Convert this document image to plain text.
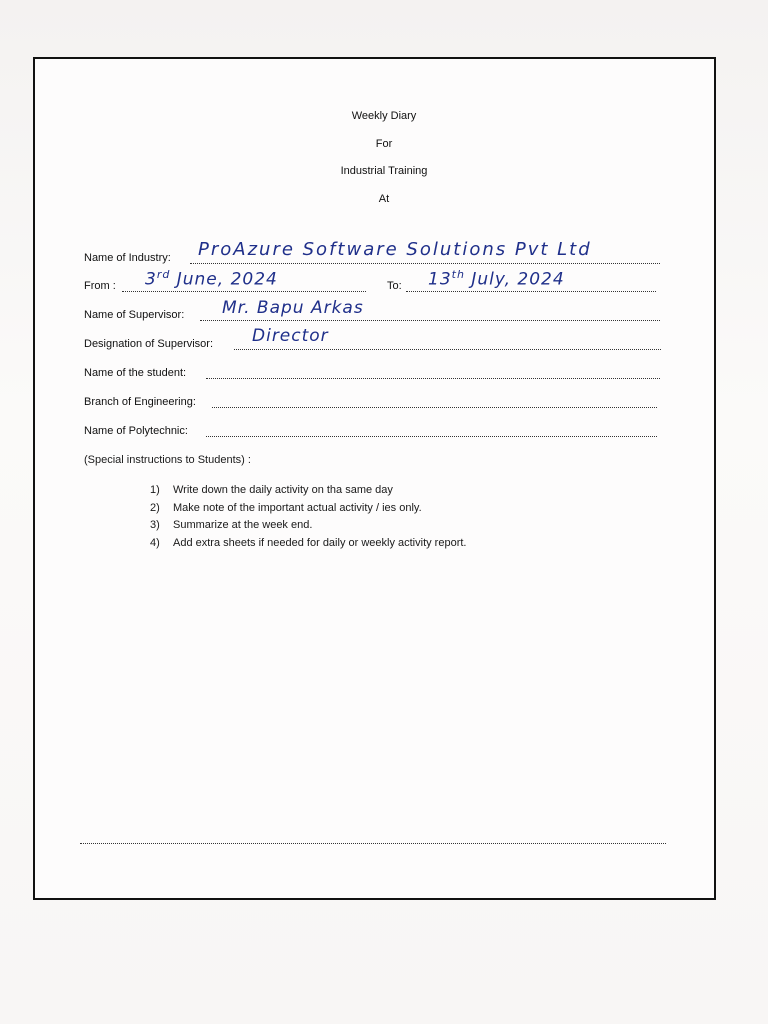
Weekly Diary
For
Industrial Training
At
Name of Industry: ProAzure Software Solutions Pvt Ltd
From : 3rd June, 2024	To: 13th July, 2024
Name of Supervisor: Mr. Bapu Arkas
Designation of Supervisor: Director
Name of the student:
Branch of Engineering:
Name of Polytechnic:
(Special instructions to Students) :
1) Write down the daily activity on tha same day
2) Make note of the important actual activity / ies only.
3) Summarize at the week end.
4) Add extra sheets if needed for daily or weekly activity report.
